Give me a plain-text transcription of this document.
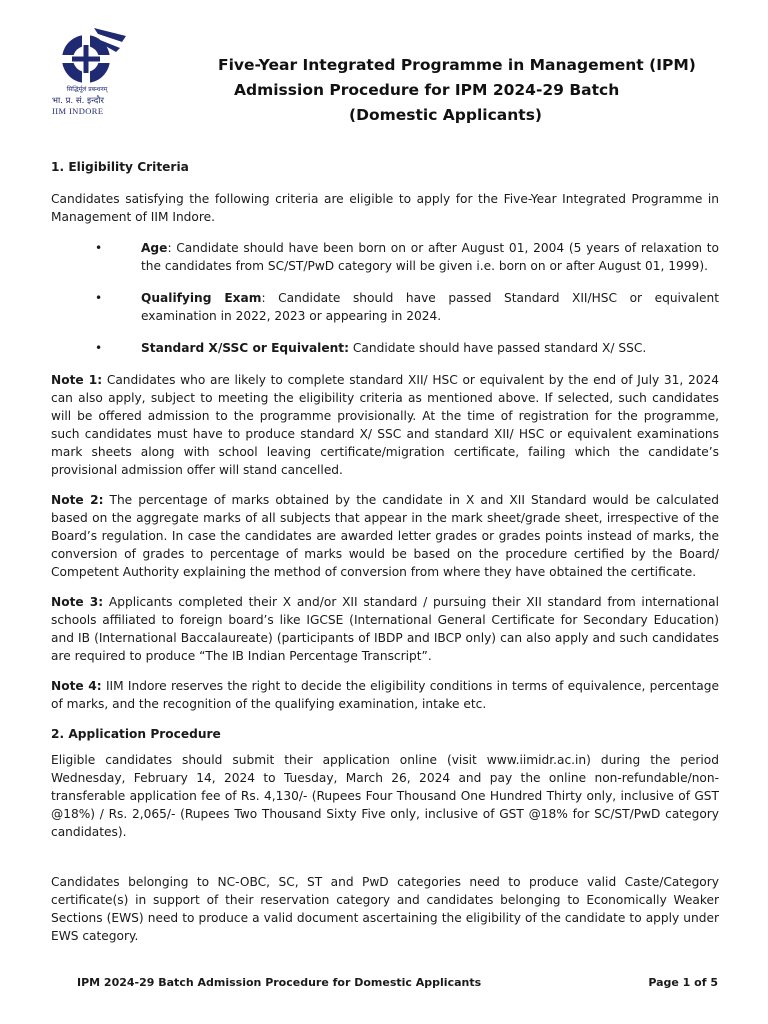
सिद्धिर्मूलं प्रबन्धनम्
भा. प्र. सं. इन्दौर
IIM INDORE
Five-Year Integrated Programme in Management (IPM)
Admission Procedure for IPM 2024-29 Batch
(Domestic Applicants)
1. Eligibility Criteria

Candidates satisfying the following criteria are eligible to apply for the Five-Year Integrated Programme in Management of IIM Indore.

•	Age: Candidate should have been born on or after August 01, 2004 (5 years of relaxation to the candidates from SC/ST/PwD category will be given i.e. born on or after August 01, 1999).
•	Qualifying Exam: Candidate should have passed Standard XII/HSC or equivalent examination in 2022, 2023 or appearing in 2024.
•	Standard X/SSC or Equivalent: Candidate should have passed standard X/ SSC.

Note 1: Candidates who are likely to complete standard XII/ HSC or equivalent by the end of July 31, 2024 can also apply, subject to meeting the eligibility criteria as mentioned above. If selected, such candidates will be offered admission to the programme provisionally. At the time of registration for the programme, such candidates must have to produce standard X/ SSC and standard XII/ HSC or equivalent examinations mark sheets along with school leaving certificate/migration certificate, failing which the candidate’s provisional admission offer will stand cancelled.

Note 2: The percentage of marks obtained by the candidate in X and XII Standard would be calculated based on the aggregate marks of all subjects that appear in the mark sheet/grade sheet, irrespective of the Board’s regulation. In case the candidates are awarded letter grades or grades points instead of marks, the conversion of grades to percentage of marks would be based on the procedure certified by the Board/ Competent Authority explaining the method of conversion from where they have obtained the certificate.

Note 3: Applicants completed their X and/or XII standard / pursuing their XII standard from international schools affiliated to foreign board’s like IGCSE (International General Certificate for Secondary Education) and IB (International Baccalaureate) (participants of IBDP and IBCP only) can also apply and such candidates are required to produce “The IB Indian Percentage Transcript”.

Note 4: IIM Indore reserves the right to decide the eligibility conditions in terms of equivalence, percentage of marks, and the recognition of the qualifying examination, intake etc.

2. Application Procedure

Eligible candidates should submit their application online (visit www.iimidr.ac.in) during the period Wednesday, February 14, 2024 to Tuesday, March 26, 2024 and pay the online non-refundable/non-transferable application fee of Rs. 4,130/- (Rupees Four Thousand One Hundred Thirty only, inclusive of GST @18%) / Rs. 2,065/- (Rupees Two Thousand Sixty Five only, inclusive of GST @18% for SC/ST/PwD category candidates).

Candidates belonging to NC-OBC, SC, ST and PwD categories need to produce valid Caste/Category certificate(s) in support of their reservation category and candidates belonging to Economically Weaker Sections (EWS) need to produce a valid document ascertaining the eligibility of the candidate to apply under EWS category.

IPM 2024-29 Batch Admission Procedure for Domestic Applicants	Page 1 of 5
